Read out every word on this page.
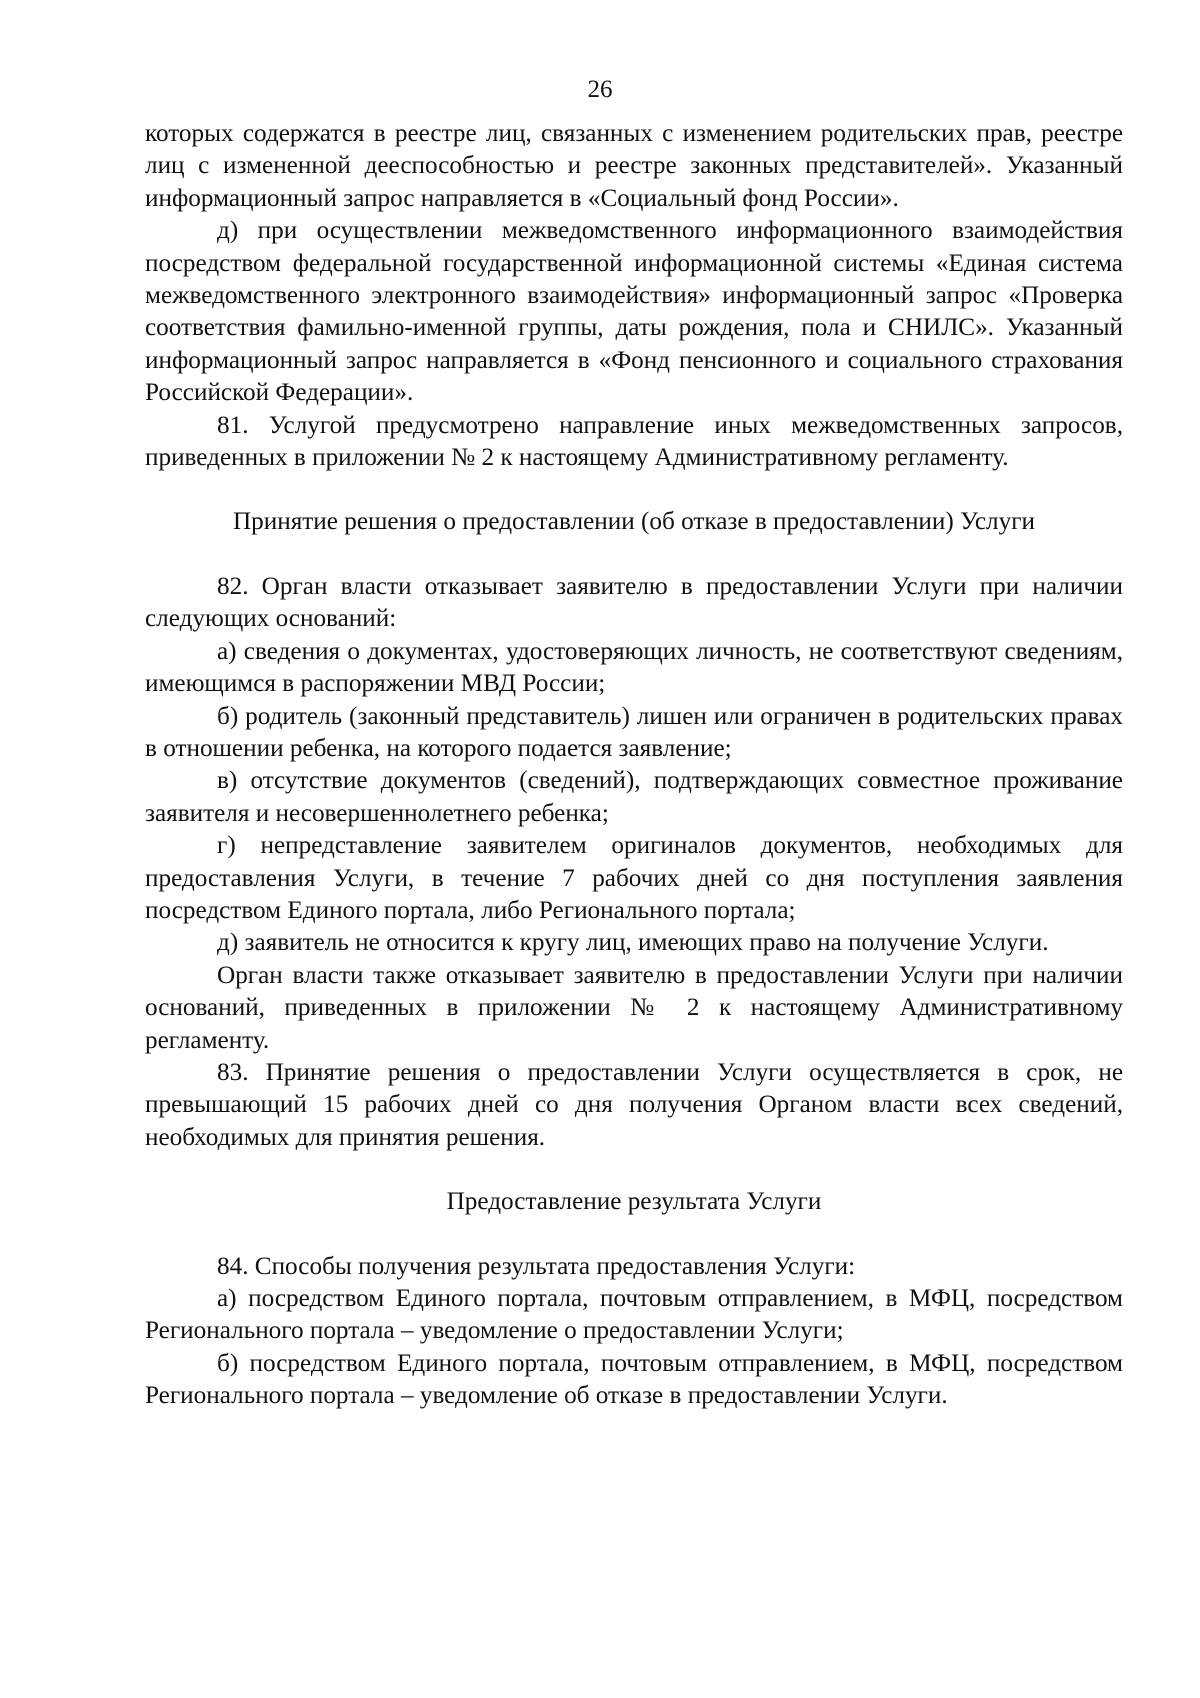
26

которых содержатся в реестре лиц, связанных с изменением родительских прав, реестре лиц с измененной дееспособностью и реестре законных представителей». Указанный информационный запрос направляется в «Социальный фонд России».

д) при осуществлении межведомственного информационного взаимодействия посредством федеральной государственной информационной системы «Единая система межведомственного электронного взаимодействия» информационный запрос «Проверка соответствия фамильно-именной группы, даты рождения, пола и СНИЛС». Указанный информационный запрос направляется в «Фонд пенсионного и социального страхования Российской Федерации».

81. Услугой предусмотрено направление иных межведомственных запросов, приведенных в приложении № 2 к настоящему Административному регламенту.

Принятие решения о предоставлении (об отказе в предоставлении) Услуги

82. Орган власти отказывает заявителю в предоставлении Услуги при наличии следующих оснований:

а) сведения о документах, удостоверяющих личность, не соответствуют сведениям, имеющимся в распоряжении МВД России;

б) родитель (законный представитель) лишен или ограничен в родительских правах в отношении ребенка, на которого подается заявление;

в) отсутствие документов (сведений), подтверждающих совместное проживание заявителя и несовершеннолетнего ребенка;

г) непредставление заявителем оригиналов документов, необходимых для предоставления Услуги, в течение 7 рабочих дней со дня поступления заявления посредством Единого портала, либо Регионального портала;

д) заявитель не относится к кругу лиц, имеющих право на получение Услуги.

Орган власти также отказывает заявителю в предоставлении Услуги при наличии оснований, приведенных в приложении № 2 к настоящему Административному регламенту.

83. Принятие решения о предоставлении Услуги осуществляется в срок, не превышающий 15 рабочих дней со дня получения Органом власти всех сведений, необходимых для принятия решения.

Предоставление результата Услуги

84. Способы получения результата предоставления Услуги:

а) посредством Единого портала, почтовым отправлением, в МФЦ, посредством Регионального портала – уведомление о предоставлении Услуги;

б) посредством Единого портала, почтовым отправлением, в МФЦ, посредством Регионального портала – уведомление об отказе в предоставлении Услуги.
